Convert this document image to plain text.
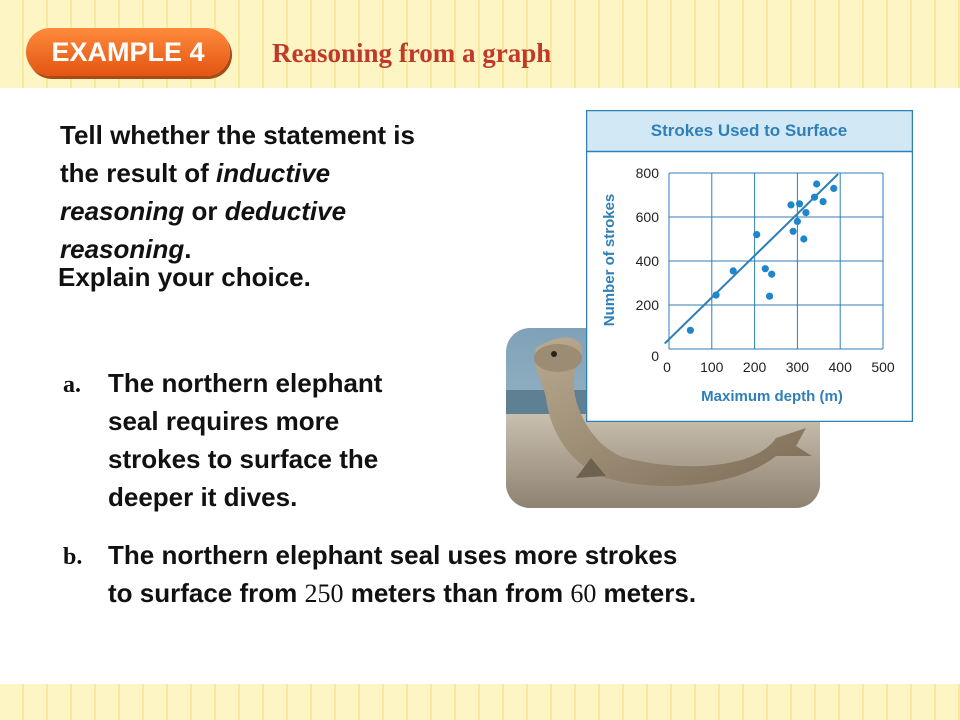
EXAMPLE 4	Reasoning from a graph
Tell whether the statement is
the result of inductive
reasoning or deductive
reasoning.
Explain your choice.
Strokes Used to Surface
0 100 200 300 400 500
0
200
400
600
800
Maximum depth (m)
Number of strokes
a. The northern elephant
seal requires more
strokes to surface the
deeper it dives.
b. The northern elephant seal uses more strokes
to surface from 250 meters than from 60 meters.
